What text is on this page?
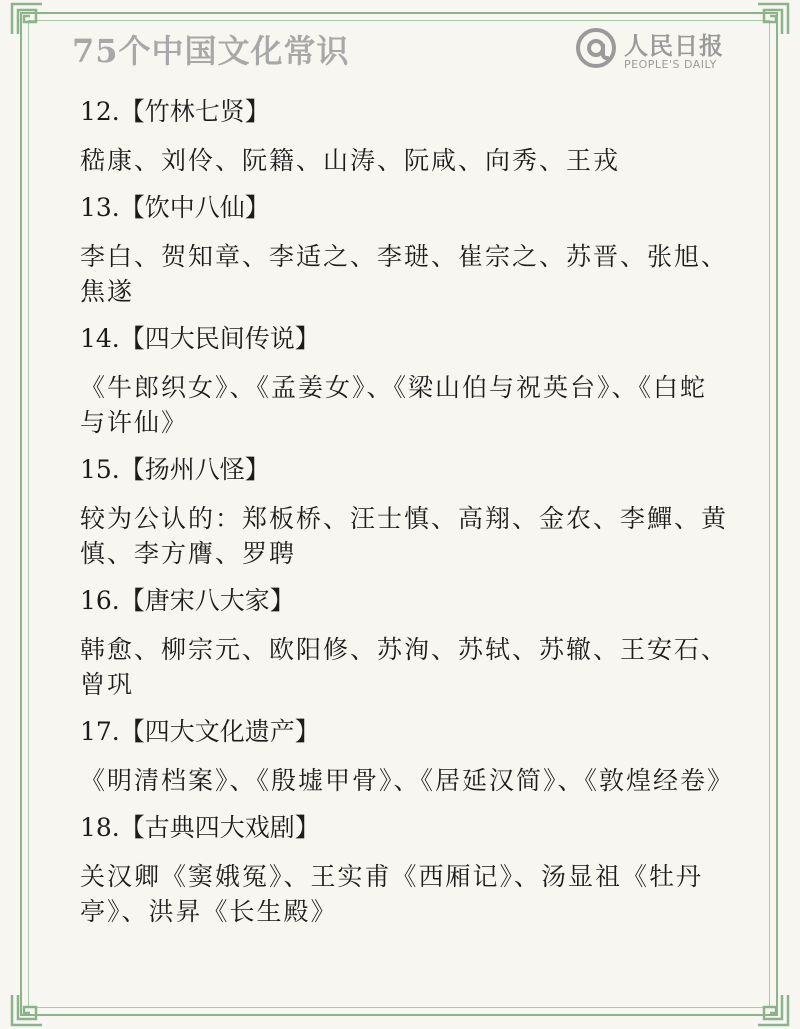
75个中国文化常识	人民日报
PEOPLE'S DAILY
12.【竹林七贤】
嵇康、刘伶、阮籍、山涛、阮咸、向秀、王戎
13.【饮中八仙】
李白、贺知章、李适之、李琎、崔宗之、苏晋、张旭、焦遂
14.【四大民间传说】
《牛郎织女》、《孟姜女》、《梁山伯与祝英台》、《白蛇与许仙》
15.【扬州八怪】
较为公认的：郑板桥、汪士慎、高翔、金农、李鱓、黄慎、李方膺、罗聘
16.【唐宋八大家】
韩愈、柳宗元、欧阳修、苏洵、苏轼、苏辙、王安石、曾巩
17.【四大文化遗产】
《明清档案》、《殷墟甲骨》、《居延汉简》、《敦煌经卷》
18.【古典四大戏剧】
关汉卿《窦娥冤》、王实甫《西厢记》、汤显祖《牡丹亭》、洪昇《长生殿》
